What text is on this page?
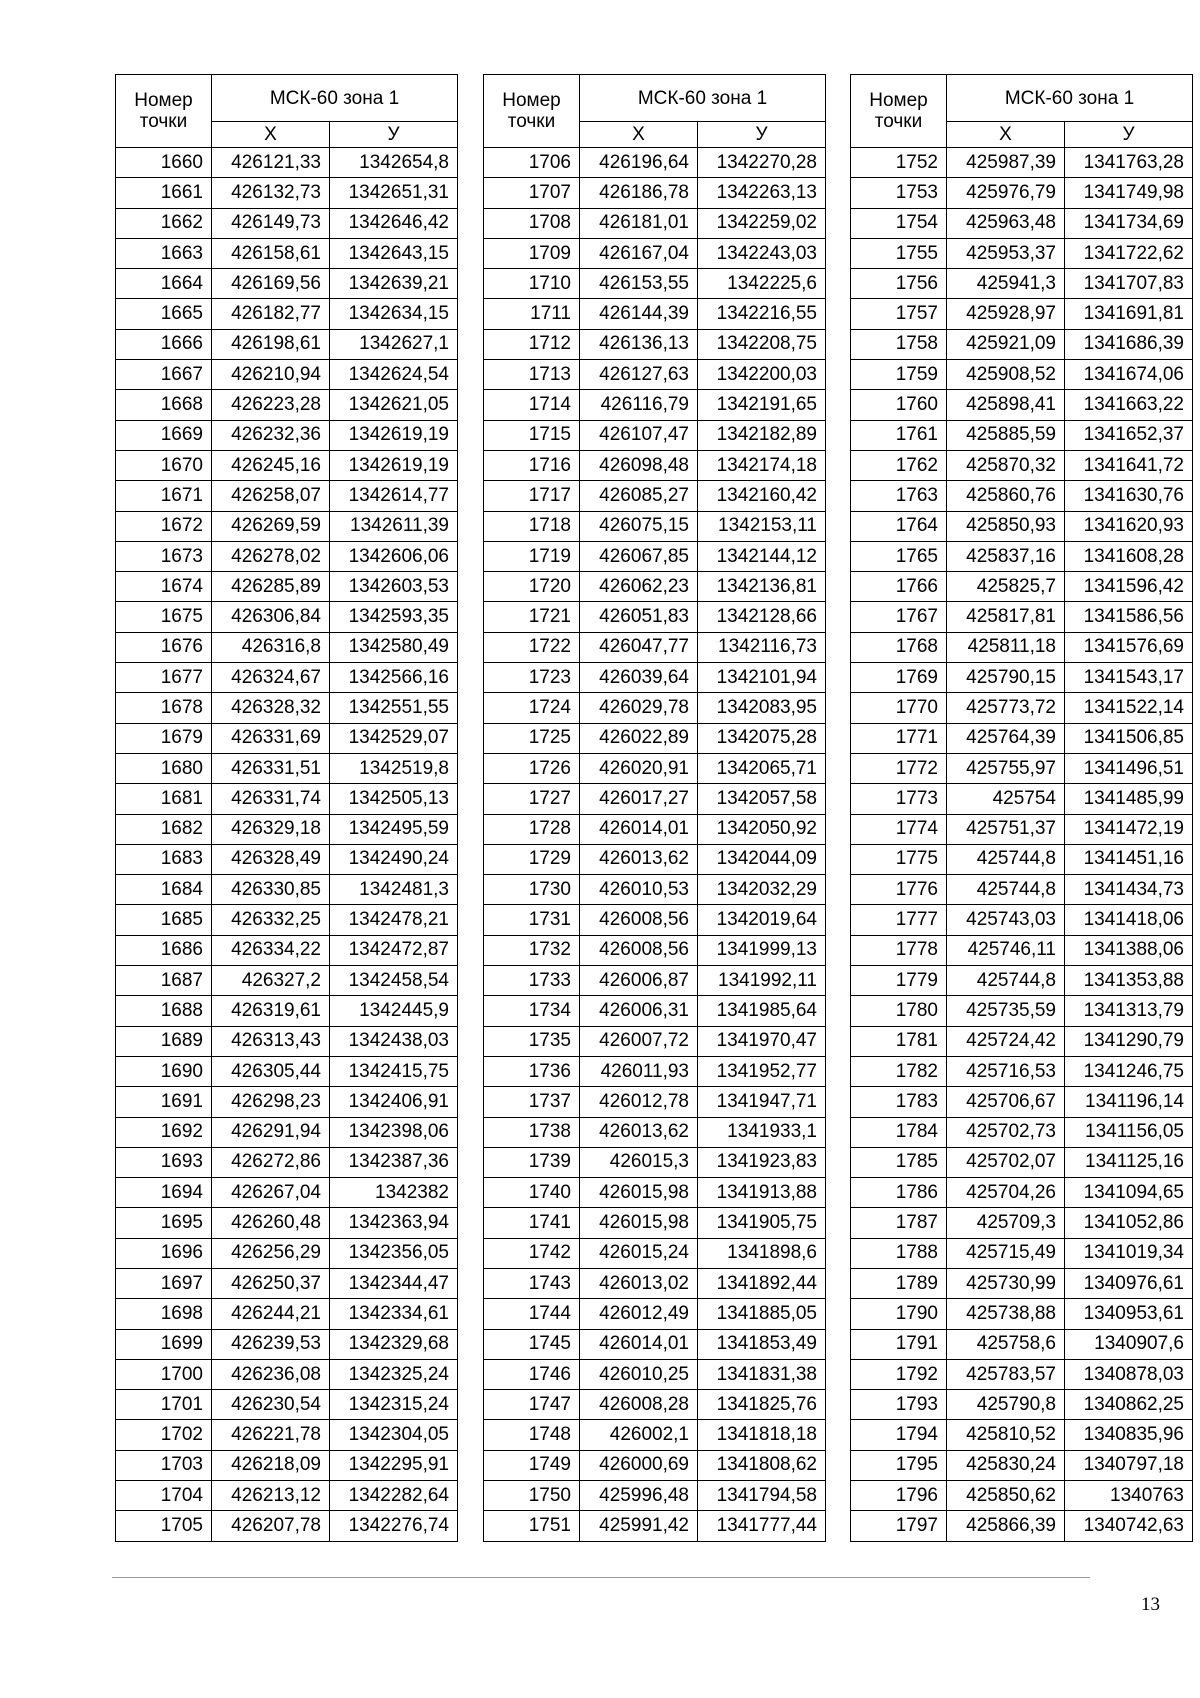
Номер точки	МСК-60 зона 1	
	Х	У
1660	426121,33	1342654,8
1661	426132,73	1342651,31
1662	426149,73	1342646,42
1663	426158,61	1342643,15
1664	426169,56	1342639,21
1665	426182,77	1342634,15
1666	426198,61	1342627,1
1667	426210,94	1342624,54
1668	426223,28	1342621,05
1669	426232,36	1342619,19
1670	426245,16	1342619,19
1671	426258,07	1342614,77
1672	426269,59	1342611,39
1673	426278,02	1342606,06
1674	426285,89	1342603,53
1675	426306,84	1342593,35
1676	426316,8	1342580,49
1677	426324,67	1342566,16
1678	426328,32	1342551,55
1679	426331,69	1342529,07
1680	426331,51	1342519,8
1681	426331,74	1342505,13
1682	426329,18	1342495,59
1683	426328,49	1342490,24
1684	426330,85	1342481,3
1685	426332,25	1342478,21
1686	426334,22	1342472,87
1687	426327,2	1342458,54
1688	426319,61	1342445,9
1689	426313,43	1342438,03
1690	426305,44	1342415,75
1691	426298,23	1342406,91
1692	426291,94	1342398,06
1693	426272,86	1342387,36
1694	426267,04	1342382
1695	426260,48	1342363,94
1696	426256,29	1342356,05
1697	426250,37	1342344,47
1698	426244,21	1342334,61
1699	426239,53	1342329,68
1700	426236,08	1342325,24
1701	426230,54	1342315,24
1702	426221,78	1342304,05
1703	426218,09	1342295,91
1704	426213,12	1342282,64
1705	426207,78	1342276,74
Номер точки	МСК-60 зона 1	
	Х	У
1706	426196,64	1342270,28
1707	426186,78	1342263,13
1708	426181,01	1342259,02
1709	426167,04	1342243,03
1710	426153,55	1342225,6
1711	426144,39	1342216,55
1712	426136,13	1342208,75
1713	426127,63	1342200,03
1714	426116,79	1342191,65
1715	426107,47	1342182,89
1716	426098,48	1342174,18
1717	426085,27	1342160,42
1718	426075,15	1342153,11
1719	426067,85	1342144,12
1720	426062,23	1342136,81
1721	426051,83	1342128,66
1722	426047,77	1342116,73
1723	426039,64	1342101,94
1724	426029,78	1342083,95
1725	426022,89	1342075,28
1726	426020,91	1342065,71
1727	426017,27	1342057,58
1728	426014,01	1342050,92
1729	426013,62	1342044,09
1730	426010,53	1342032,29
1731	426008,56	1342019,64
1732	426008,56	1341999,13
1733	426006,87	1341992,11
1734	426006,31	1341985,64
1735	426007,72	1341970,47
1736	426011,93	1341952,77
1737	426012,78	1341947,71
1738	426013,62	1341933,1
1739	426015,3	1341923,83
1740	426015,98	1341913,88
1741	426015,98	1341905,75
1742	426015,24	1341898,6
1743	426013,02	1341892,44
1744	426012,49	1341885,05
1745	426014,01	1341853,49
1746	426010,25	1341831,38
1747	426008,28	1341825,76
1748	426002,1	1341818,18
1749	426000,69	1341808,62
1750	425996,48	1341794,58
1751	425991,42	1341777,44
Номер точки	МСК-60 зона 1	
	Х	У
1752	425987,39	1341763,28
1753	425976,79	1341749,98
1754	425963,48	1341734,69
1755	425953,37	1341722,62
1756	425941,3	1341707,83
1757	425928,97	1341691,81
1758	425921,09	1341686,39
1759	425908,52	1341674,06
1760	425898,41	1341663,22
1761	425885,59	1341652,37
1762	425870,32	1341641,72
1763	425860,76	1341630,76
1764	425850,93	1341620,93
1765	425837,16	1341608,28
1766	425825,7	1341596,42
1767	425817,81	1341586,56
1768	425811,18	1341576,69
1769	425790,15	1341543,17
1770	425773,72	1341522,14
1771	425764,39	1341506,85
1772	425755,97	1341496,51
1773	425754	1341485,99
1774	425751,37	1341472,19
1775	425744,8	1341451,16
1776	425744,8	1341434,73
1777	425743,03	1341418,06
1778	425746,11	1341388,06
1779	425744,8	1341353,88
1780	425735,59	1341313,79
1781	425724,42	1341290,79
1782	425716,53	1341246,75
1783	425706,67	1341196,14
1784	425702,73	1341156,05
1785	425702,07	1341125,16
1786	425704,26	1341094,65
1787	425709,3	1341052,86
1788	425715,49	1341019,34
1789	425730,99	1340976,61
1790	425738,88	1340953,61
1791	425758,6	1340907,6
1792	425783,57	1340878,03
1793	425790,8	1340862,25
1794	425810,52	1340835,96
1795	425830,24	1340797,18
1796	425850,62	1340763
1797	425866,39	1340742,63
13
